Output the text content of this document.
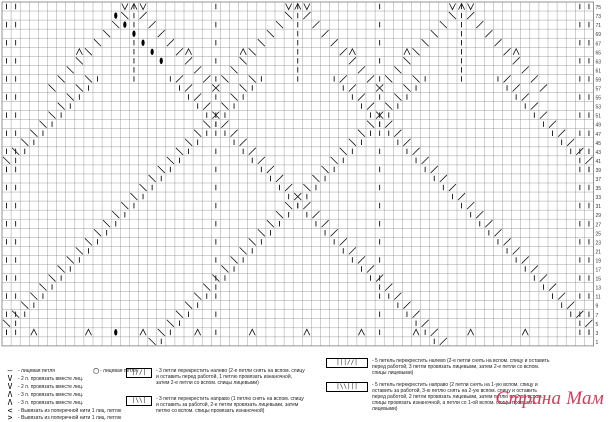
75
73
71
69
67
65
63
61
59
57
55
53
51
49
47
45
43
41
39
37
35
33
31
29
27
25
23
21
19
17
15
13
11
9
7
5
3
1
–	- лицевая петля
V	- 2 п. провязать вместе лиц.
V	- 2 п. провязать вместе лиц.
Λ	- 3 п. провязать вместе лиц.
Λ	- 3 п. провязать вместе лиц.
<	- Вывязать из поперечной нити 1 лиц. петлю
>	- Вывязать из поперечной нити 1 лиц. петлю
▢ - лицевая петля
|//|	- 3 петли перекрестить налево (2-е петли снять на вспом. спицу и оставить перед работой, 1 петлю провязать изнаночной, затем 2-е петли со вспом. спицы лицевыми)
|\\|	- 3 петли перекрестить направо (1 петлю снять на вспом. спицу и оставить за работой, 2-е петли провязать лицевыми, затем петлю со вспом. спицы провязать изнаночной)
|||//|	- 5 петель перекрестить налево (2-е петли снять на вспом. спицу и оставить перед работой, 3 петли провязать лицевыми, затем 2-е петли со вспом. спицы лицевыми)
|\\|||	- 5 петель перекрестить направо (2 петли снять на 1-ую вспом. спицу и оставить за работой, 3-ю петлю снять на 2-ую вспом. спицу и оставить перед работой, 2 петли провязать лицевыми, затем петлю со 2-ой вспом. спицы провязать изнаночной, а петли со 1-ой вспом. спицы провязать лицевыми)	Страна Мам
